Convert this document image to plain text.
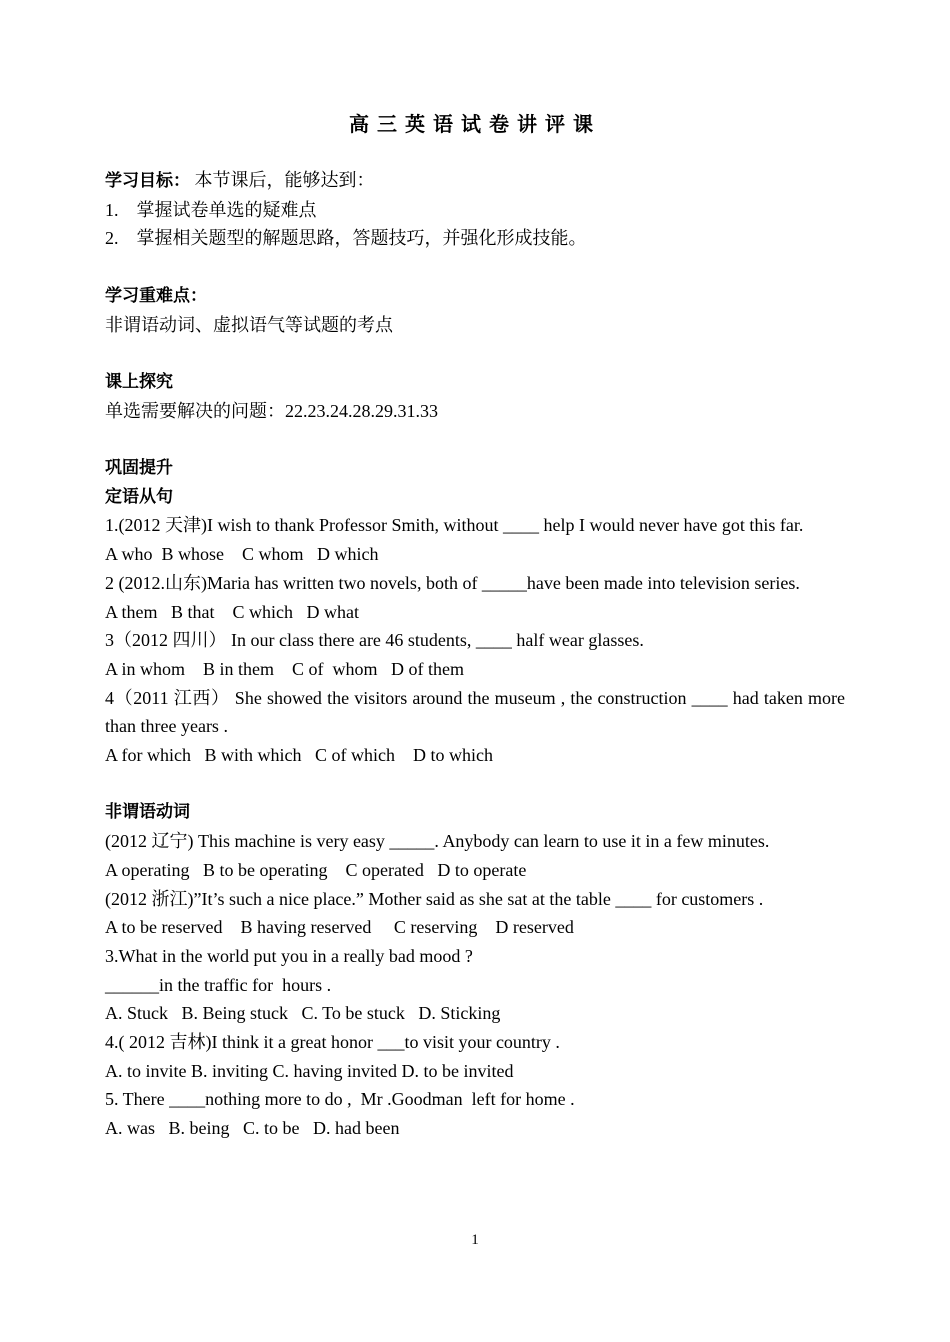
高三英语试卷讲评课
学习目标： 本节课后，能够达到：
1.　掌握试卷单选的疑难点
2.　掌握相关题型的解题思路，答题技巧，并强化形成技能。
学习重难点：
非谓语动词、虚拟语气等试题的考点
课上探究
单选需要解决的问题：22.23.24.28.29.31.33
巩固提升
定语从句
1.(2012 天津)I wish to thank Professor Smith, without ____ help I would never have got this far.
A who  B whose    C whom   D which
2 (2012.山东)Maria has written two novels, both of _____have been made into television series.
A them   B that    C which   D what
3（2012 四川） In our class there are 46 students, ____ half wear glasses.
A in whom    B in them    C of  whom   D of them
4（2011 江西） She showed the visitors around the museum , the construction ____ had taken more than three years .
A for which   B with which   C of which    D to which
非谓语动词
(2012 辽宁) This machine is very easy _____. Anybody can learn to use it in a few minutes.
A operating   B to be operating    C operated   D to operate
(2012 浙江)”It’s such a nice place.” Mother said as she sat at the table ____ for customers .
A to be reserved    B having reserved     C reserving    D reserved
3.What in the world put you in a really bad mood ?
______in the traffic for  hours .
A. Stuck   B. Being stuck   C. To be stuck   D. Sticking
4.( 2012 吉林)I think it a great honor ___to visit your country .
A. to invite B. inviting C. having invited D. to be invited
5. There ____nothing more to do ,  Mr .Goodman  left for home .
A. was   B. being   C. to be   D. had been
1
